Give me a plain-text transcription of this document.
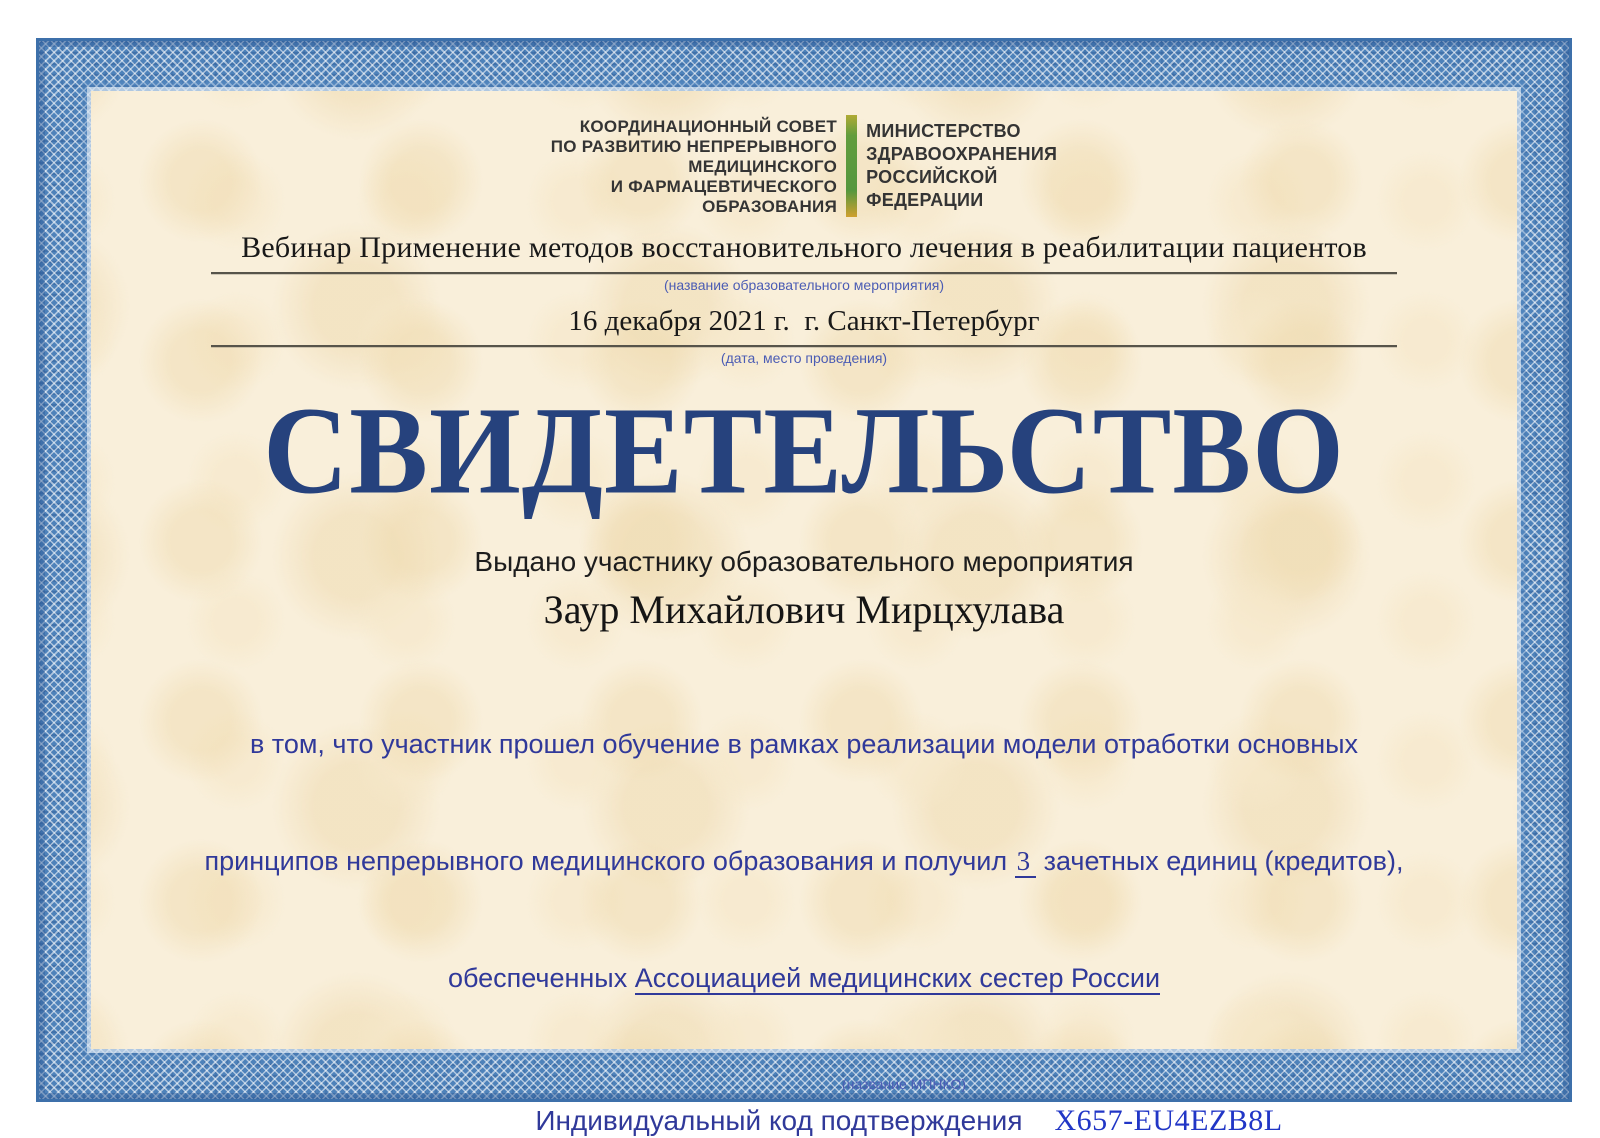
КООРДИНАЦИОННЫЙ СОВЕТ
ПО РАЗВИТИЮ НЕПРЕРЫВНОГО
МЕДИЦИНСКОГО
И ФАРМАЦЕВТИЧЕСКОГО
ОБРАЗОВАНИЯ
МИНИСТЕРСТВО
ЗДРАВООХРАНЕНИЯ
РОССИЙСКОЙ
ФЕДЕРАЦИИ
Вебинар Применение методов восстановительного лечения в реабилитации пациентов
(название образовательного мероприятия)
16 декабря 2021 г.  г. Санкт-Петербург
(дата, место проведения)
СВИДЕТЕЛЬСТВО
Выдано участнику образовательного мероприятия
Заур Михайлович Мирцхулава

в том, что участник прошел обучение в рамках реализации модели отработки основных

принципов непрерывного медицинского образования и получил 3 зачетных единиц (кредитов),

обеспеченных Ассоциацией медицинских сестер России

(название МПНКО)
Индивидуальный код подтверждения X657-EU4EZB8L
